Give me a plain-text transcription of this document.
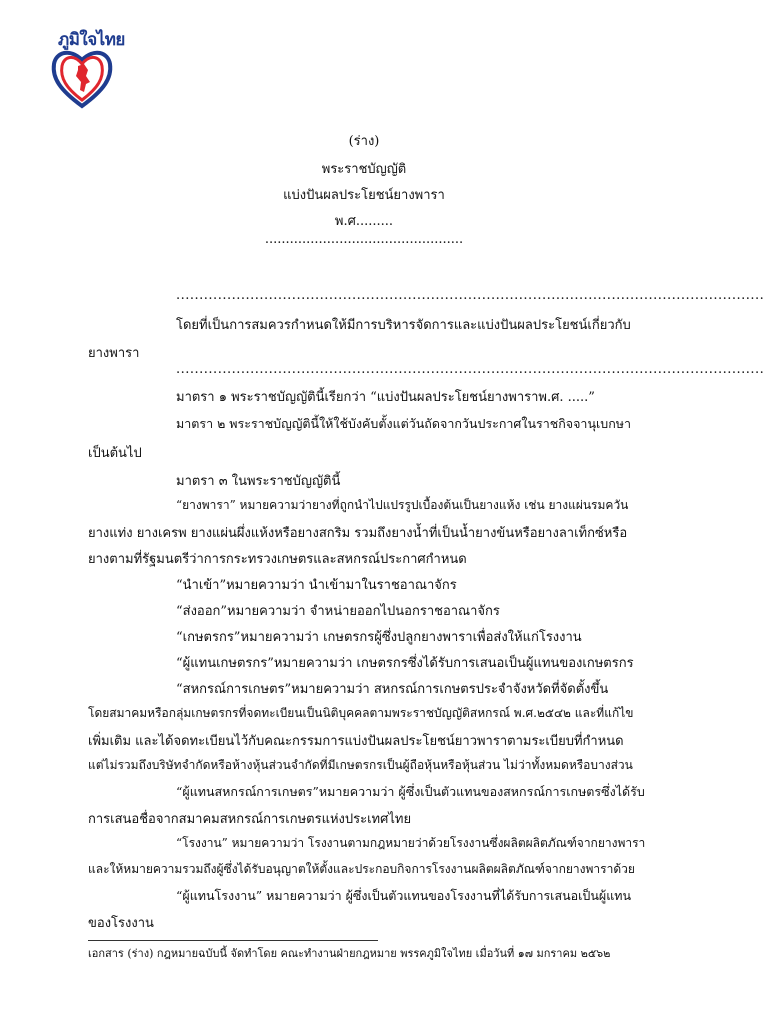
ภูมิใจไทย
(ร่าง)
พระราชบัญญัติ
แบ่งปันผลประโยชน์ยางพารา
พ.ศ.........
................................................
...............................................................................................................................
โดยที่เป็นการสมควรกำหนดให้มีการบริหารจัดการและแบ่งปันผลประโยชน์เกี่ยวกับ
ยางพารา
...............................................................................................................................
มาตรา ๑ พระราชบัญญัตินี้เรียกว่า “แบ่งปันผลประโยชน์ยางพาราพ.ศ. .....”
มาตรา ๒ พระราชบัญญัตินี้ให้ใช้บังคับตั้งแต่วันถัดจากวันประกาศในราชกิจจานุเบกษา
เป็นต้นไป
มาตรา ๓ ในพระราชบัญญัตินี้
“ยางพารา” หมายความว่ายางที่ถูกนำไปแปรรูปเบื้องต้นเป็นยางแห้ง เช่น ยางแผ่นรมควัน
ยางแท่ง ยางเครพ ยางแผ่นผึ่งแห้งหรือยางสกริม รวมถึงยางน้ำที่เป็นน้ำยางข้นหรือยางลาเท็กซ์หรือ
ยางตามที่รัฐมนตรีว่าการกระทรวงเกษตรและสหกรณ์ประกาศกำหนด
“นำเข้า”หมายความว่า นำเข้ามาในราชอาณาจักร
“ส่งออก”หมายความว่า จำหน่ายออกไปนอกราชอาณาจักร
“เกษตรกร”หมายความว่า เกษตรกรผู้ซึ่งปลูกยางพาราเพื่อส่งให้แก่โรงงาน
“ผู้แทนเกษตรกร”หมายความว่า เกษตรกรซึ่งได้รับการเสนอเป็นผู้แทนของเกษตรกร
“สหกรณ์การเกษตร”หมายความว่า สหกรณ์การเกษตรประจำจังหวัดที่จัดตั้งขึ้น
โดยสมาคมหรือกลุ่มเกษตรกรที่จดทะเบียนเป็นนิติบุคคลตามพระราชบัญญัติสหกรณ์ พ.ศ.๒๕๔๒ และที่แก้ไข
เพิ่มเติม และได้จดทะเบียนไว้กับคณะกรรมการแบ่งปันผลประโยชน์ยาวพาราตามระเบียบที่กำหนด
แต่ไม่รวมถึงบริษัทจำกัดหรือห้างหุ้นส่วนจำกัดที่มีเกษตรกรเป็นผู้ถือหุ้นหรือหุ้นส่วน ไม่ว่าทั้งหมดหรือบางส่วน
“ผู้แทนสหกรณ์การเกษตร”หมายความว่า ผู้ซึ่งเป็นตัวแทนของสหกรณ์การเกษตรซึ่งได้รับ
การเสนอชื่อจากสมาคมสหกรณ์การเกษตรแห่งประเทศไทย
“โรงงาน” หมายความว่า โรงงานตามกฎหมายว่าด้วยโรงงานซึ่งผลิตผลิตภัณฑ์จากยางพารา
และให้หมายความรวมถึงผู้ซึ่งได้รับอนุญาตให้ตั้งและประกอบกิจการโรงงานผลิตผลิตภัณฑ์จากยางพาราด้วย
“ผู้แทนโรงงาน” หมายความว่า ผู้ซึ่งเป็นตัวแทนของโรงงานที่ได้รับการเสนอเป็นผู้แทน
ของโรงงาน
เอกสาร (ร่าง) กฎหมายฉบับนี้ จัดทำโดย คณะทำงานฝ่ายกฎหมาย พรรคภูมิใจไทย เมื่อวันที่ ๑๗ มกราคม ๒๕๖๒
